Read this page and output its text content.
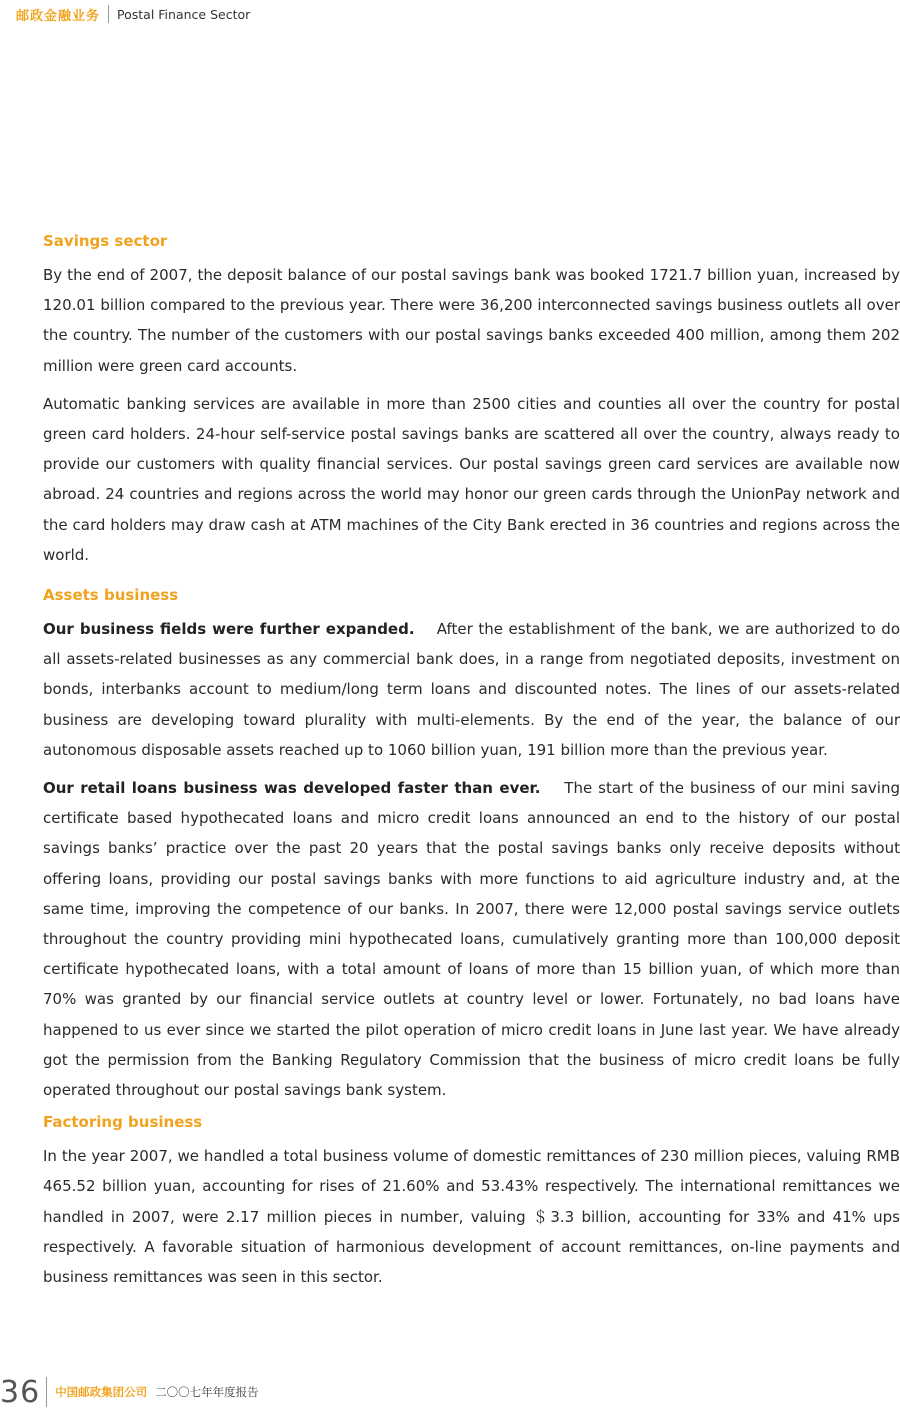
邮政金融业务 Postal Finance Sector
Savings sector

By the end of 2007, the deposit balance of our postal savings bank was booked 1721.7 billion yuan, increased by 120.01 billion compared to the previous year. There were 36,200 interconnected savings business outlets all over the country. The number of the customers with our postal savings banks exceeded 400 million, among them 202 million were green card accounts.

Automatic banking services are available in more than 2500 cities and counties all over the country for postal green card holders. 24-hour self-service postal savings banks are scattered all over the country, always ready to provide our customers with quality financial services. Our postal savings green card services are available now abroad. 24 countries and regions across the world may honor our green cards through the UnionPay network and the card holders may draw cash at ATM machines of the City Bank erected in 36 countries and regions across the world.

Assets business

Our business fields were further expanded. After the establishment of the bank, we are authorized to do all assets-related businesses as any commercial bank does, in a range from negotiated deposits, investment on bonds, interbanks account to medium/long term loans and discounted notes. The lines of our assets-related business are developing toward plurality with multi-elements. By the end of the year, the balance of our autonomous disposable assets reached up to 1060 billion yuan, 191 billion more than the previous year.

Our retail loans business was developed faster than ever. The start of the business of our mini saving certificate based hypothecated loans and micro credit loans announced an end to the history of our postal savings banks’ practice over the past 20 years that the postal savings banks only receive deposits without offering loans, providing our postal savings banks with more functions to aid agriculture industry and, at the same time, improving the competence of our banks. In 2007, there were 12,000 postal savings service outlets throughout the country providing mini hypothecated loans, cumulatively granting more than 100,000 deposit certificate hypothecated loans, with a total amount of loans of more than 15 billion yuan, of which more than 70% was granted by our financial service outlets at country level or lower. Fortunately, no bad loans have happened to us ever since we started the pilot operation of micro credit loans in June last year. We have already got the permission from the Banking Regulatory Commission that the business of micro credit loans be fully operated throughout our postal savings bank system.

Factoring business

In the year 2007, we handled a total business volume of domestic remittances of 230 million pieces, valuing RMB 465.52 billion yuan, accounting for rises of 21.60% and 53.43% respectively. The international remittances we handled in 2007, were 2.17 million pieces in number, valuing ＄3.3 billion, accounting for 33% and 41% ups respectively. A favorable situation of harmonious development of account remittances, on-line payments and business remittances was seen in this sector.

36 中国邮政集团公司 二〇〇七年年度报告
